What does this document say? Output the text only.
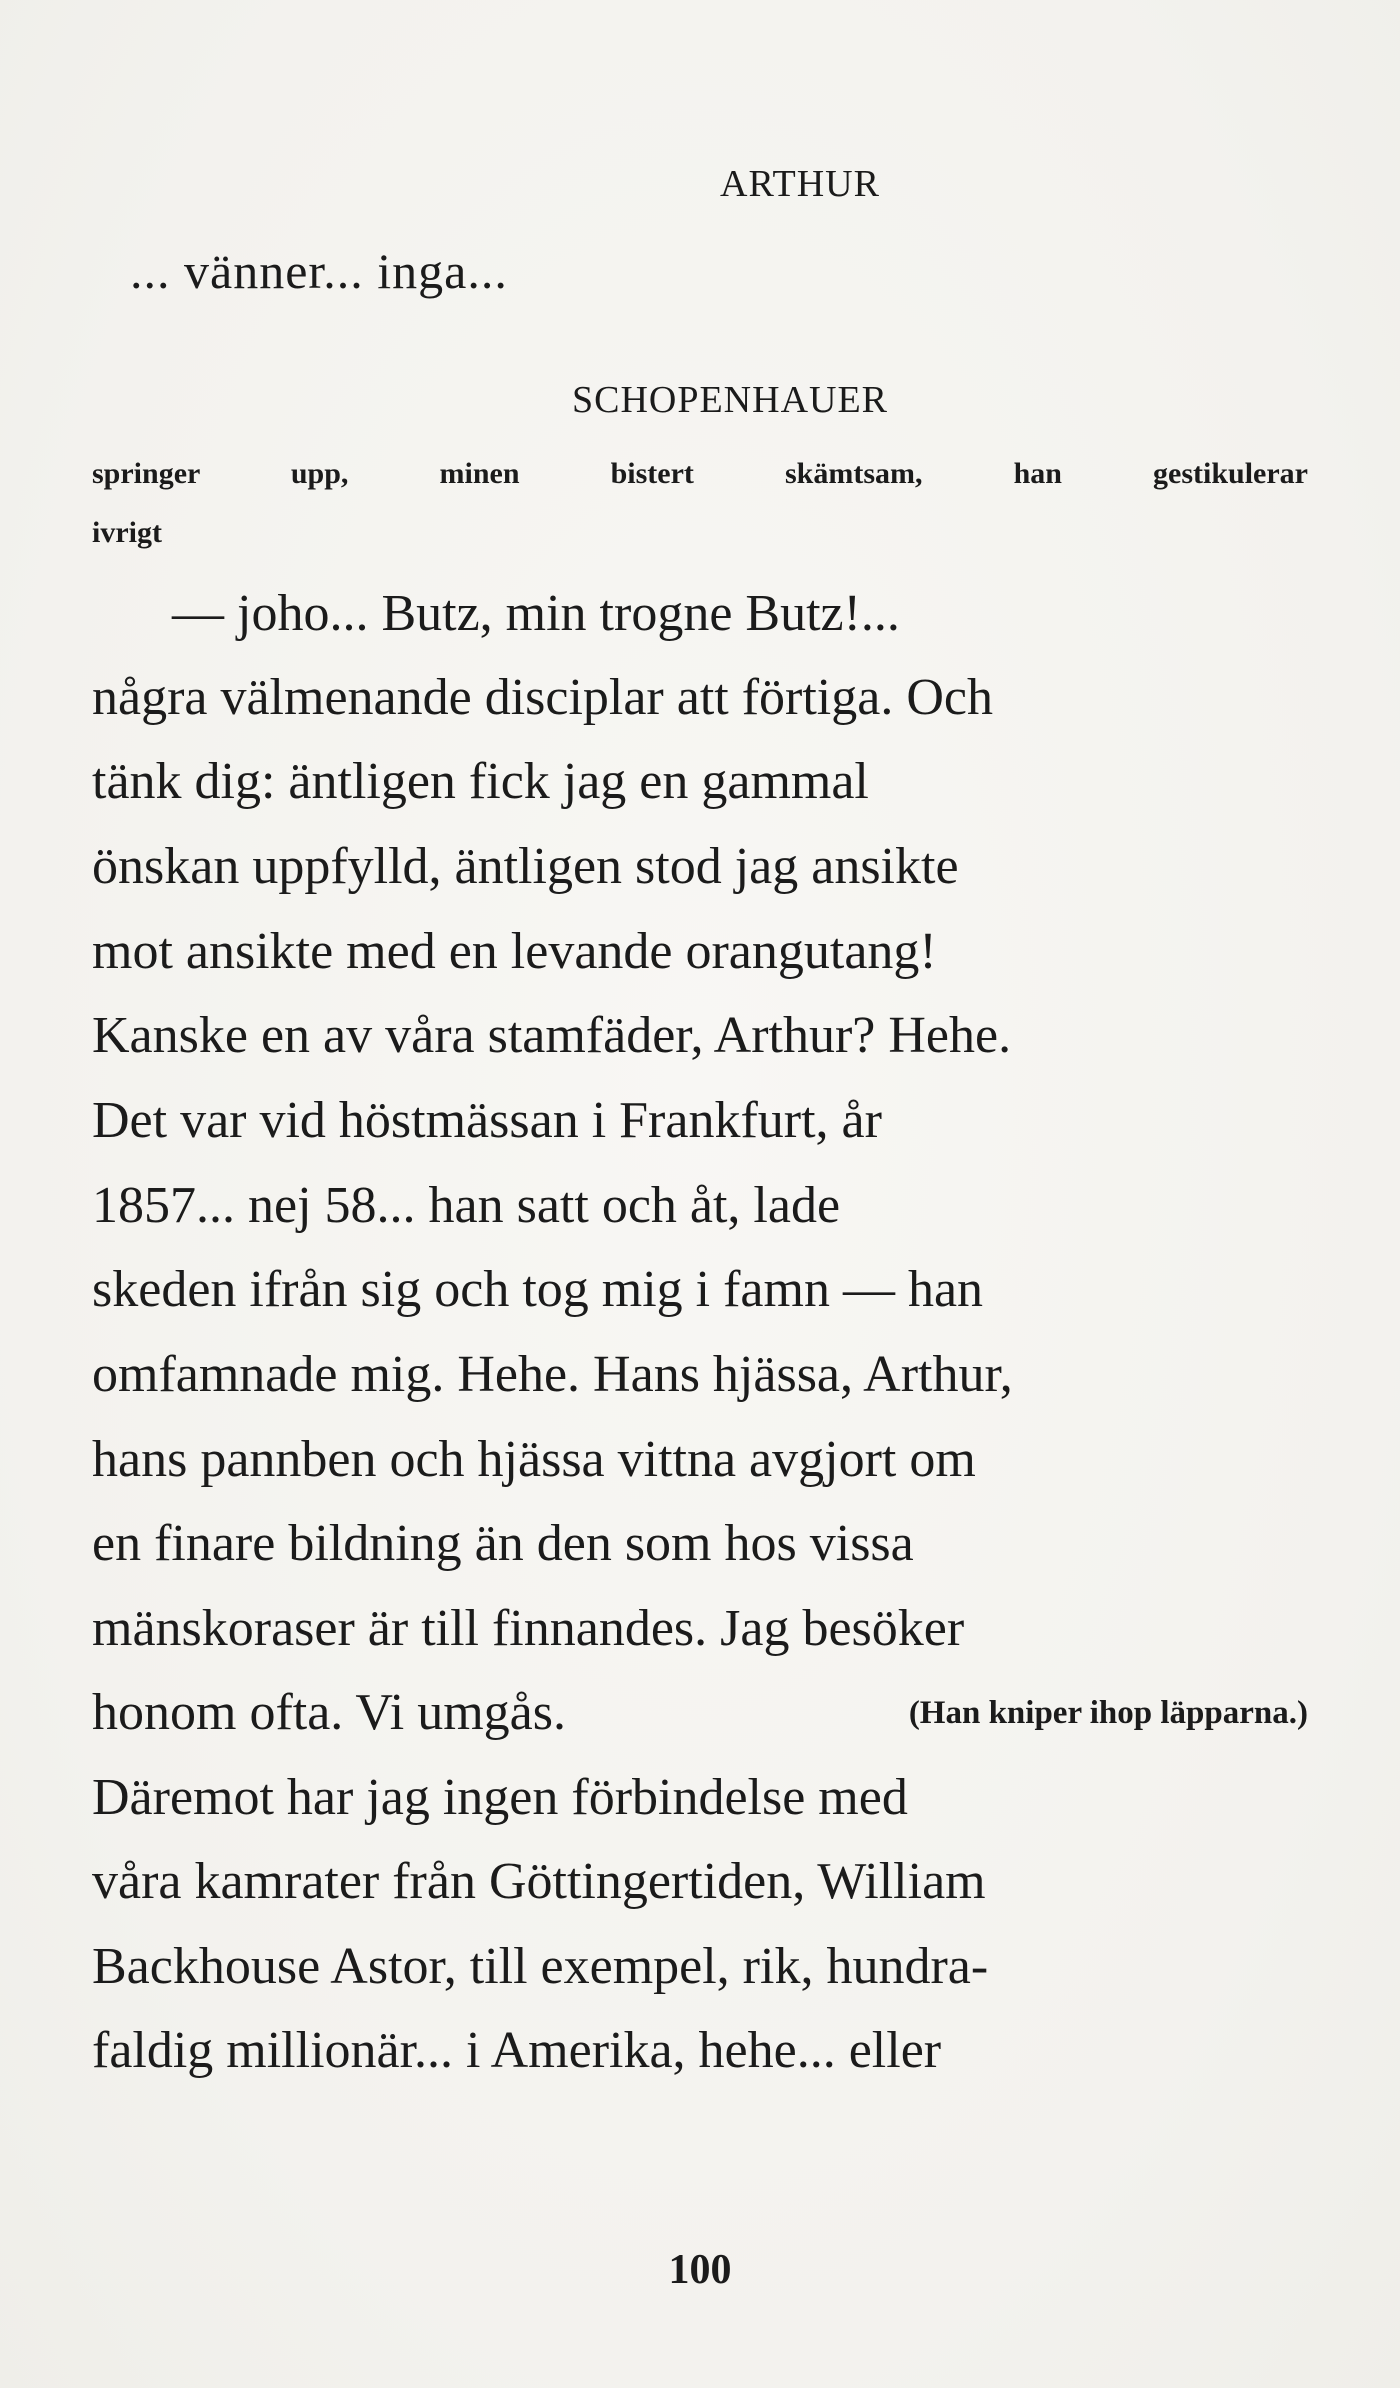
ARTHUR
... vänner... inga...
SCHOPENHAUER
springer upp, minen bistert skämtsam, han gestikulerar
ivrigt
— joho... Butz, min trogne Butz!...
några välmenande disciplar att förtiga. Och
tänk dig: äntligen fick jag en gammal
önskan uppfylld, äntligen stod jag ansikte
mot ansikte med en levande orangutang!
Kanske en av våra stamfäder, Arthur? Hehe.
Det var vid höstmässan i Frankfurt, år
1857... nej 58... han satt och åt, lade
skeden ifrån sig och tog mig i famn — han
omfamnade mig. Hehe. Hans hjässa, Arthur,
hans pannben och hjässa vittna avgjort om
en finare bildning än den som hos vissa
mänskoraser är till finnandes. Jag besöker
honom ofta. Vi umgås.	(Han kniper ihop läpparna.)
Däremot har jag ingen förbindelse med
våra kamrater från Göttingertiden, William
Backhouse Astor, till exempel, rik, hundra-
faldig millionär... i Amerika, hehe... eller
100
